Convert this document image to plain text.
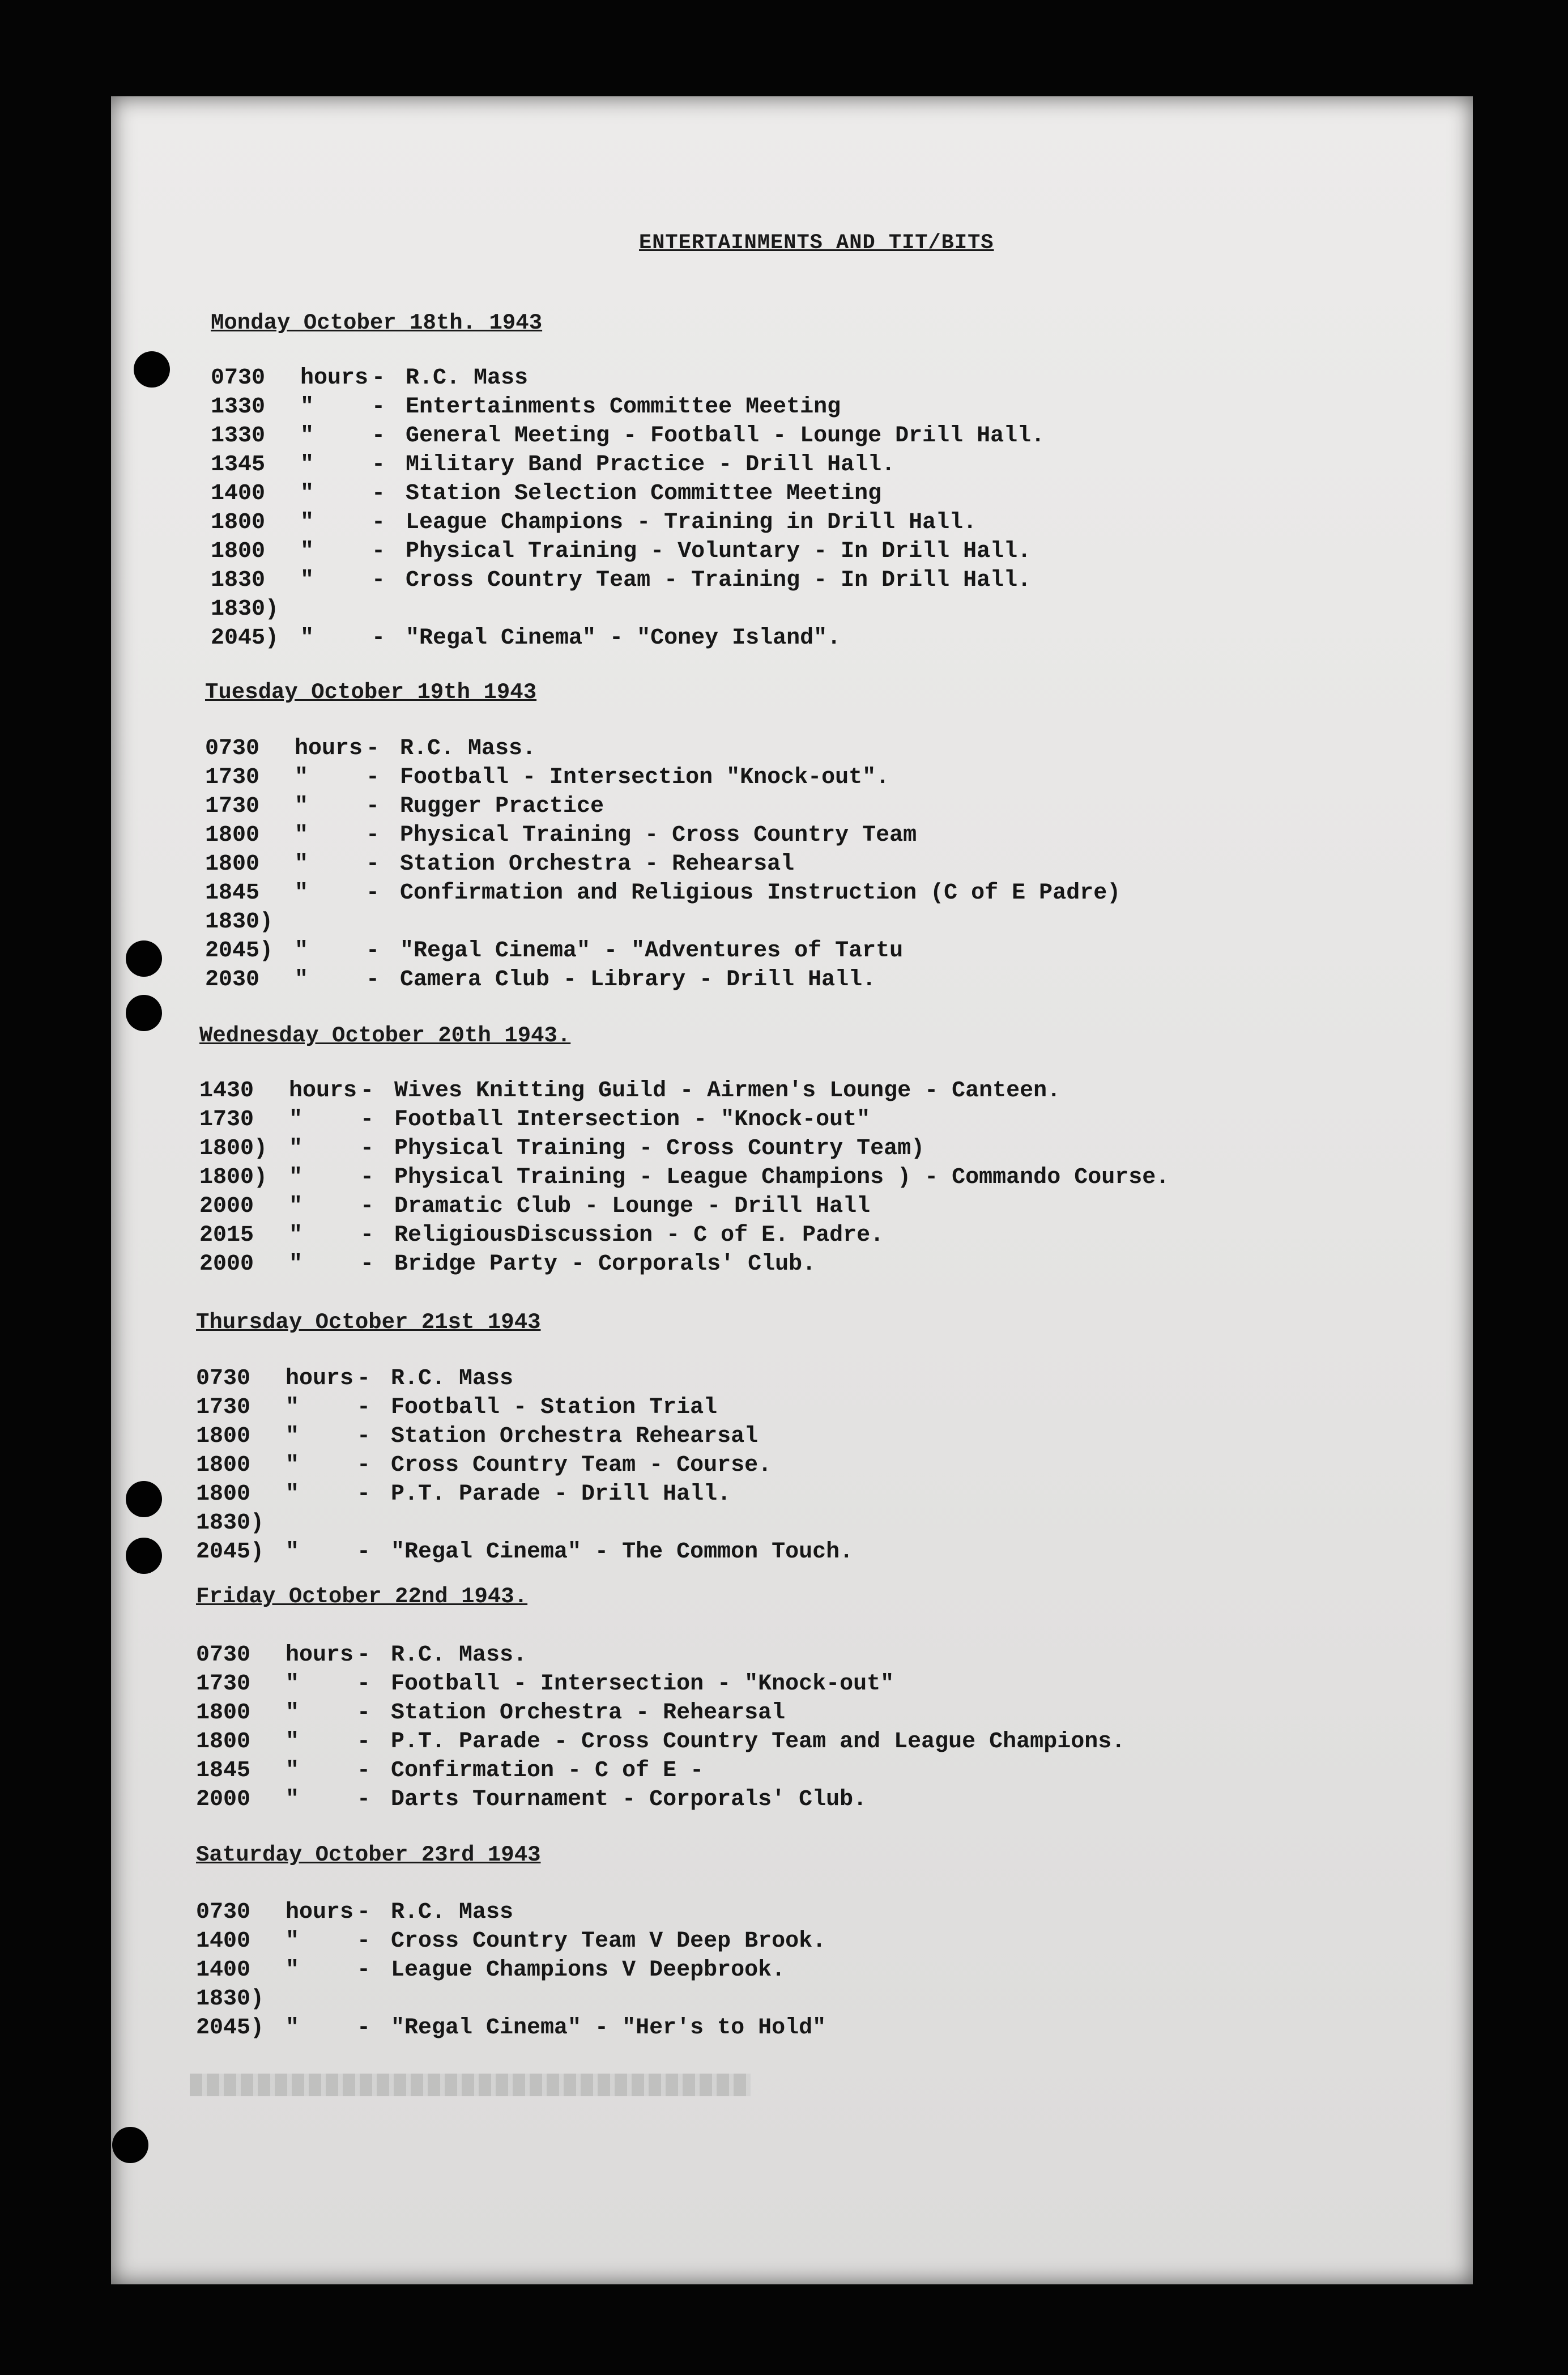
ENTERTAINMENTS AND TIT/BITS
Monday October 18th. 1943
0730 hours - R.C. Mass
1330 "	- Entertainments Committee Meeting
1330 "	- General Meeting - Football - Lounge Drill Hall.
1345 "	- Military Band Practice - Drill Hall.
1400 "	- Station Selection Committee Meeting
1800 "	- League Champions - Training in Drill Hall.
1800 "	- Physical Training - Voluntary - In Drill Hall.
1830 "	- Cross Country Team - Training - In Drill Hall.
1830)
2045) "	- "Regal Cinema" - "Coney Island".
Tuesday October 19th 1943
0730 hours - R.C. Mass.
1730 "	- Football - Intersection "Knock-out".
1730 "	- Rugger Practice
1800 "	- Physical Training - Cross Country Team
1800 "	- Station Orchestra - Rehearsal
1845 "	- Confirmation and Religious Instruction (C of E Padre)
1830)
2045) "	- "Regal Cinema" - "Adventures of Tartu
2030 "	- Camera Club - Library - Drill Hall.
Wednesday October 20th 1943.
1430 hours - Wives Knitting Guild - Airmen's Lounge - Canteen.
1730 "	- Football Intersection - "Knock-out"
1800) "	- Physical Training - Cross Country Team)
1800) "	- Physical Training - League Champions ) - Commando Course.
2000 "	- Dramatic Club - Lounge - Drill Hall
2015 "	- ReligiousDiscussion - C of E. Padre.
2000 "	- Bridge Party - Corporals' Club.
Thursday October 21st 1943
0730 hours - R.C. Mass
1730 "	- Football - Station Trial
1800 "	- Station Orchestra Rehearsal
1800 "	- Cross Country Team - Course.
1800 "	- P.T. Parade - Drill Hall.
1830)
2045) "	- "Regal Cinema" - The Common Touch.
Friday October 22nd 1943.
0730 hours - R.C. Mass.
1730 "	- Football - Intersection - "Knock-out"
1800 "	- Station Orchestra - Rehearsal
1800 "	- P.T. Parade - Cross Country Team and League Champions.
1845 "	- Confirmation - C of E -
2000 "	- Darts Tournament - Corporals' Club.
Saturday October 23rd 1943
0730 hours - R.C. Mass
1400 "	- Cross Country Team V Deep Brook.
1400 "	- League Champions V Deepbrook.
1830)
2045) "	- "Regal Cinema" - "Her's to Hold"
